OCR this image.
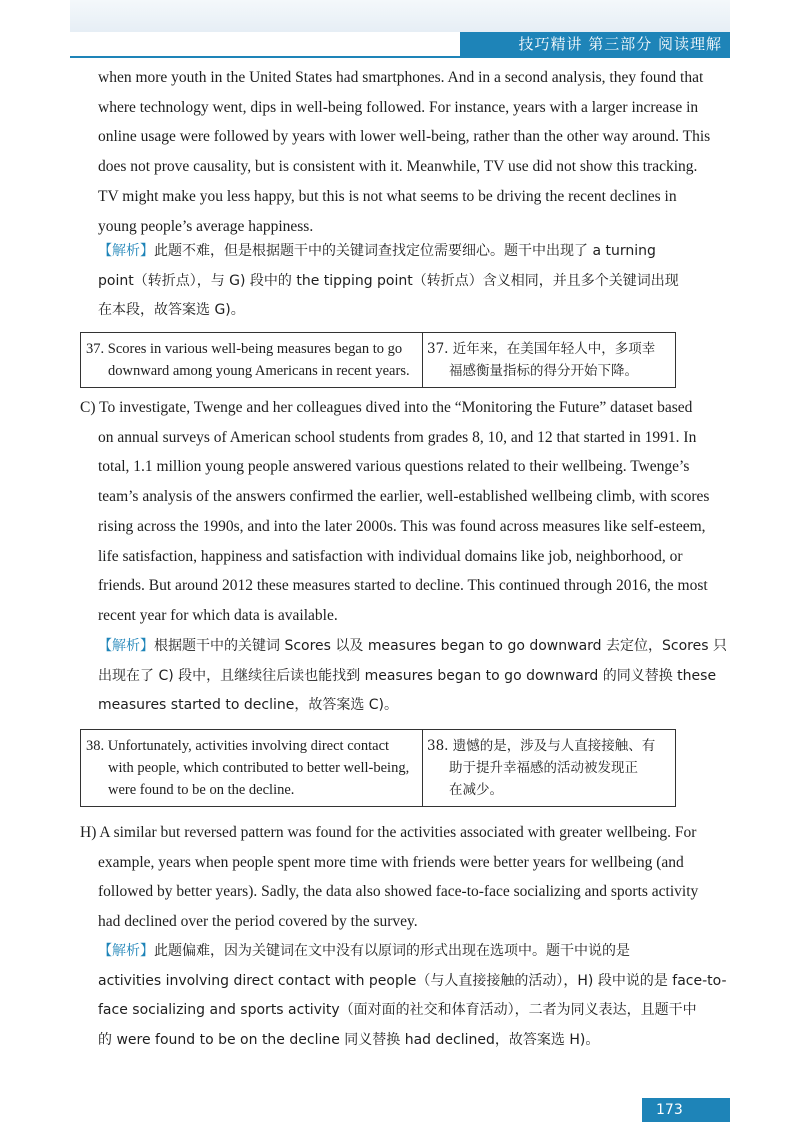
技巧精讲 第三部分 阅读理解
when more youth in the United States had smartphones. And in a second analysis, they found that
where technology went, dips in well-being followed. For instance, years with a larger increase in
online usage were followed by years with lower well-being, rather than the other way around. This
does not prove causality, but is consistent with it. Meanwhile, TV use did not show this tracking.
TV might make you less happy, but this is not what seems to be driving the recent declines in
young people’s average happiness.
【解析】此题不难，但是根据题干中的关键词查找定位需要细心。题干中出现了 a turning
point（转折点），与 G) 段中的 the tipping point（转折点）含义相同，并且多个关键词出现
在本段，故答案选 G)。
37. Scores in various well-being measures began to go
downward among young Americans in recent years.
37. 近年来，在美国年轻人中，多项幸
福感衡量指标的得分开始下降。
C) To investigate, Twenge and her colleagues dived into the “Monitoring the Future” dataset based
on annual surveys of American school students from grades 8, 10, and 12 that started in 1991. In
total, 1.1 million young people answered various questions related to their wellbeing. Twenge’s
team’s analysis of the answers confirmed the earlier, well-established wellbeing climb, with scores
rising across the 1990s, and into the later 2000s. This was found across measures like self-esteem,
life satisfaction, happiness and satisfaction with individual domains like job, neighborhood, or
friends. But around 2012 these measures started to decline. This continued through 2016, the most
recent year for which data is available.
【解析】根据题干中的关键词 Scores 以及 measures began to go downward 去定位，Scores 只
出现在了 C) 段中，且继续往后读也能找到 measures began to go downward 的同义替换 these
measures started to decline，故答案选 C)。
38. Unfortunately, activities involving direct contact
with people, which contributed to better well-being,
were found to be on the decline.
38. 遗憾的是，涉及与人直接接触、有
助于提升幸福感的活动被发现正
在减少。
H) A similar but reversed pattern was found for the activities associated with greater wellbeing. For
example, years when people spent more time with friends were better years for wellbeing (and
followed by better years). Sadly, the data also showed face-to-face socializing and sports activity
had declined over the period covered by the survey.
【解析】此题偏难，因为关键词在文中没有以原词的形式出现在选项中。题干中说的是
activities involving direct contact with people（与人直接接触的活动），H) 段中说的是 face-to-
face socializing and sports activity（面对面的社交和体育活动），二者为同义表达，且题干中
的 were found to be on the decline 同义替换 had declined，故答案选 H)。
173
